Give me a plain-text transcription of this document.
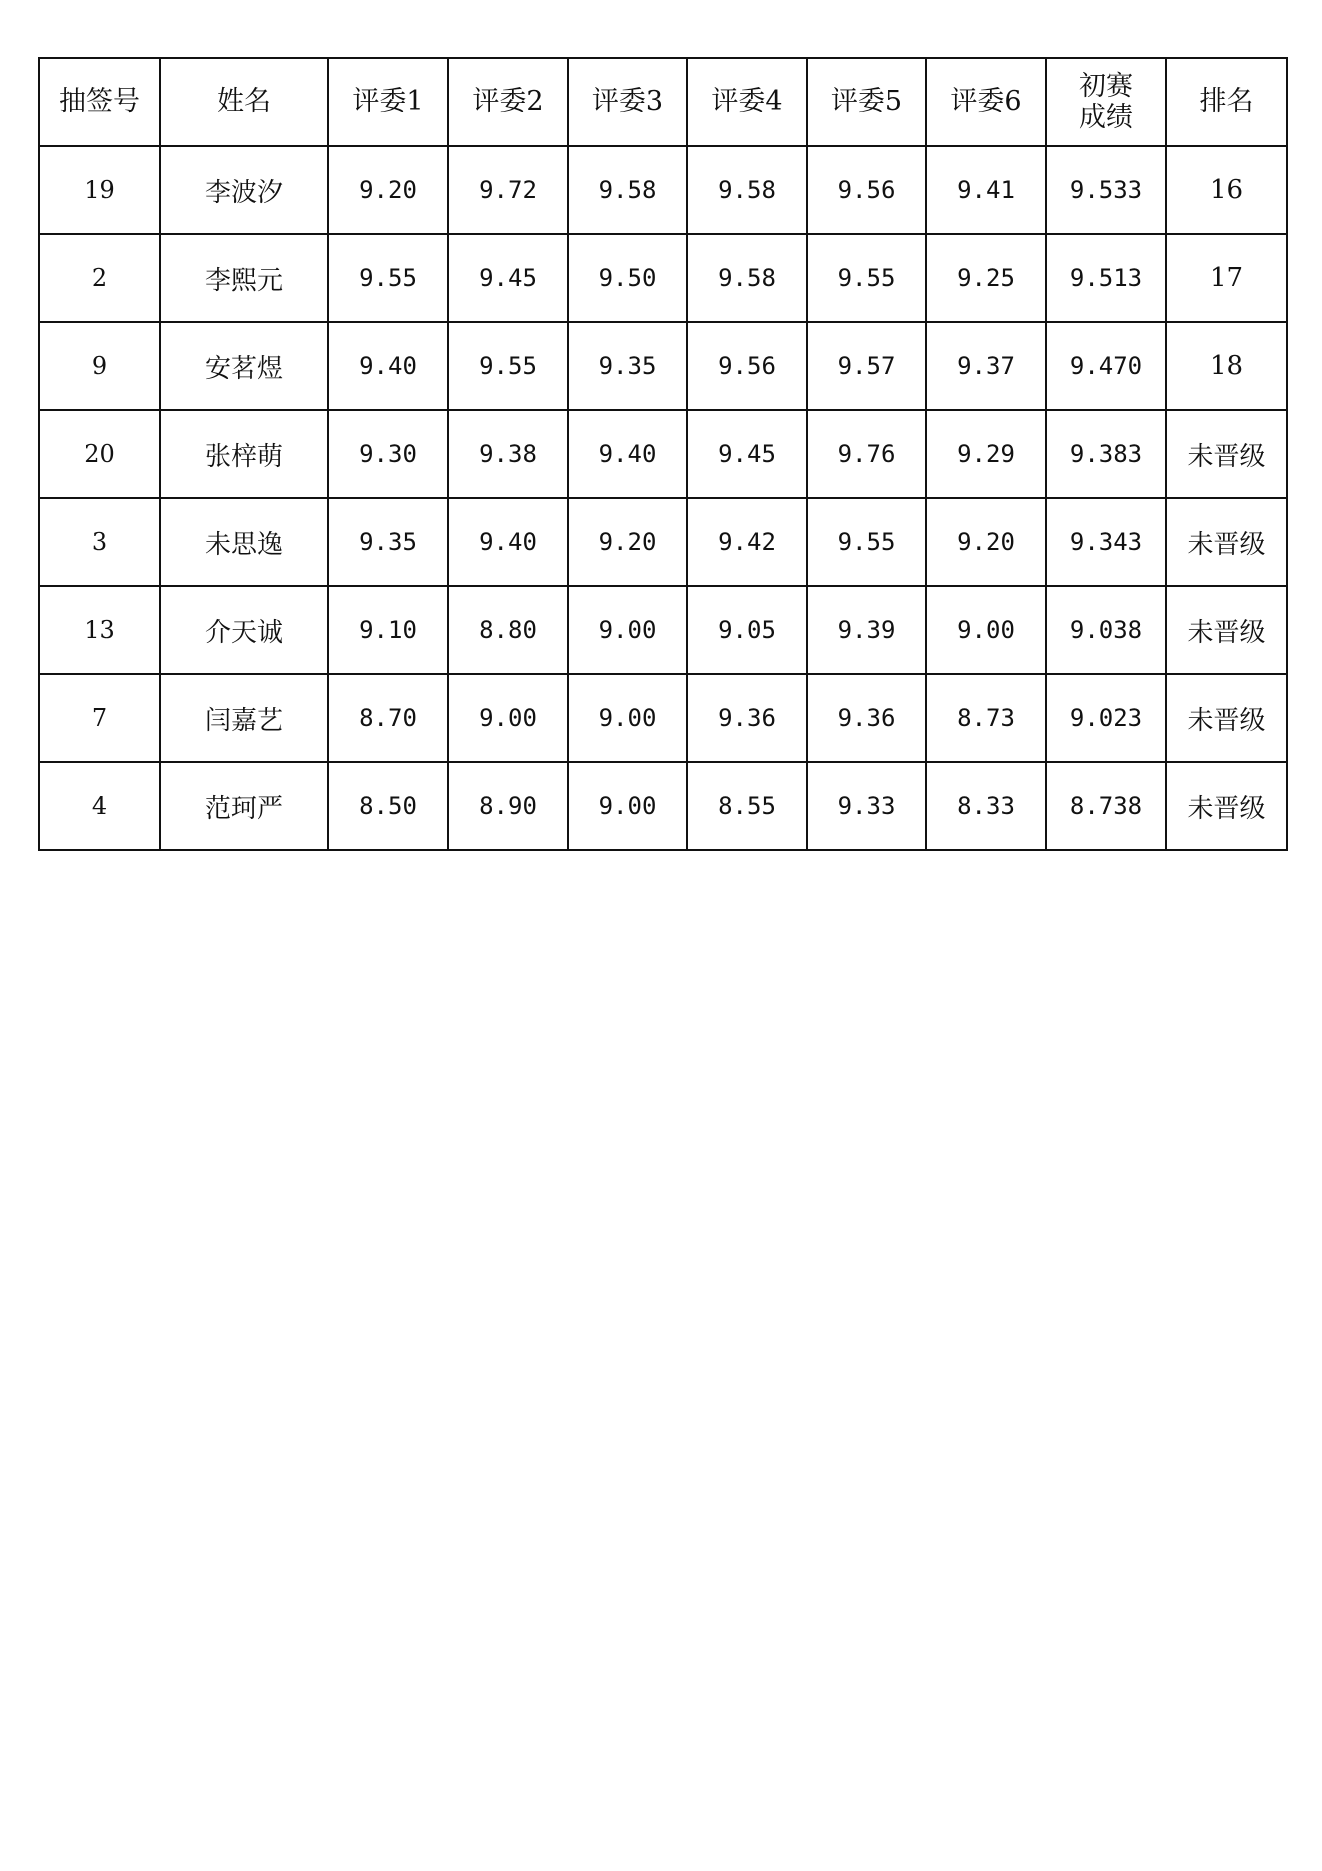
抽签号	姓名	评委1	评委2	评委3	评委4	评委5	评委6	初赛成绩	排名
19	李波汐	9.20	9.72	9.58	9.58	9.56	9.41	9.533	16
2	李熙元	9.55	9.45	9.50	9.58	9.55	9.25	9.513	17
9	安茗煜	9.40	9.55	9.35	9.56	9.57	9.37	9.470	18
20	张梓萌	9.30	9.38	9.40	9.45	9.76	9.29	9.383	未晋级
3	未思逸	9.35	9.40	9.20	9.42	9.55	9.20	9.343	未晋级
13	介天诚	9.10	8.80	9.00	9.05	9.39	9.00	9.038	未晋级
7	闫嘉艺	8.70	9.00	9.00	9.36	9.36	8.73	9.023	未晋级
4	范珂严	8.50	8.90	9.00	8.55	9.33	8.33	8.738	未晋级
